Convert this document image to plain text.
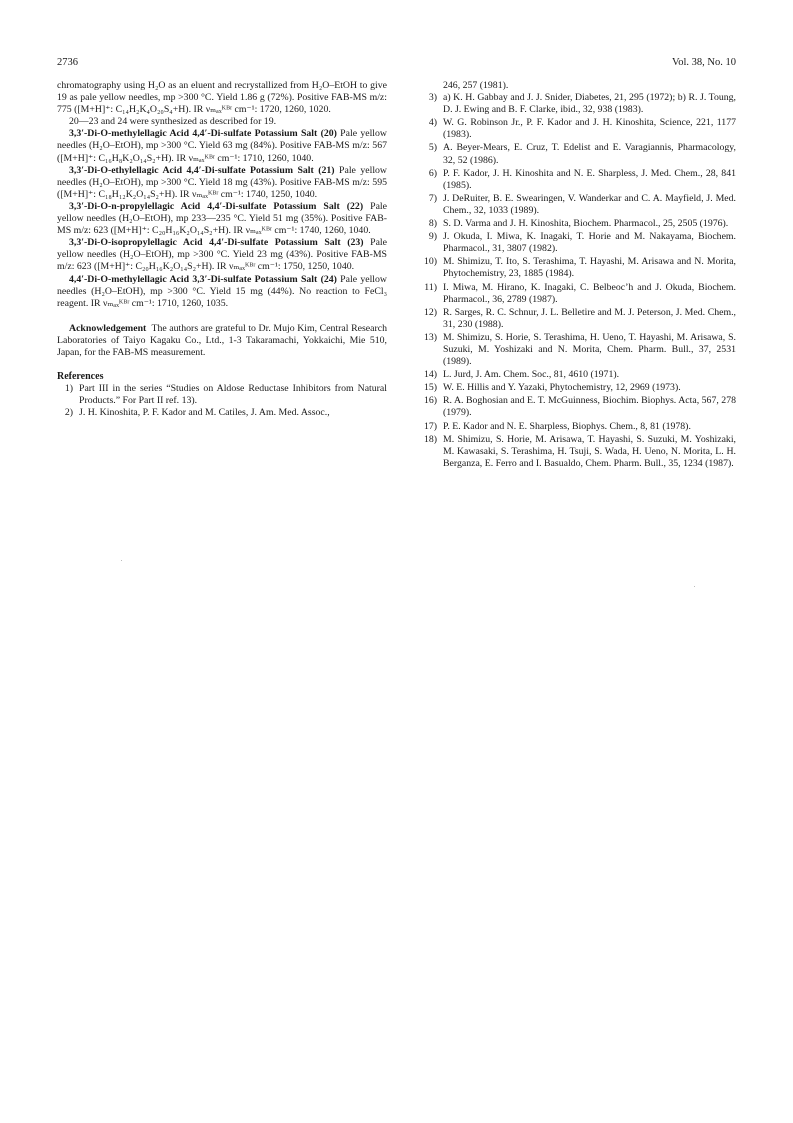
2736	Vol. 38, No. 10

chromatography using H₂O as an eluent and recrystallized from H₂O–EtOH to give 19 as pale yellow needles, mp >300 °C. Yield 1.86 g (72%). Positive FAB-MS m/z: 775 ([M+H]⁺: C₁₄H₂K₄O₂₀S₄+H). IR νₘₐₓᴷᴮʳ cm⁻¹: 1720, 1260, 1020.

20—23 and 24 were synthesized as described for 19.

3,3′-Di-O-methylellagic Acid 4,4′-Di-sulfate Potassium Salt (20) Pale yellow needles (H₂O–EtOH), mp >300 °C. Yield 63 mg (84%). Positive FAB-MS m/z: 567 ([M+H]⁺: C₁₆H₈K₂O₁₄S₂+H). IR νₘₐₓᴷᴮʳ cm⁻¹: 1710, 1260, 1040.

3,3′-Di-O-ethylellagic Acid 4,4′-Di-sulfate Potassium Salt (21) Pale yellow needles (H₂O–EtOH), mp >300 °C. Yield 18 mg (43%). Positive FAB-MS m/z: 595 ([M+H]⁺: C₁₈H₁₂K₂O₁₄S₂+H). IR νₘₐₓᴷᴮʳ cm⁻¹: 1740, 1250, 1040.

3,3′-Di-O-n-propylellagic Acid 4,4′-Di-sulfate Potassium Salt (22) Pale yellow needles (H₂O–EtOH), mp 233—235 °C. Yield 51 mg (35%). Positive FAB-MS m/z: 623 ([M+H]⁺: C₂₀H₁₆K₂O₁₄S₂+H). IR νₘₐₓᴷᴮʳ cm⁻¹: 1740, 1260, 1040.

3,3′-Di-O-isopropylellagic Acid 4,4′-Di-sulfate Potassium Salt (23) Pale yellow needles (H₂O–EtOH), mp >300 °C. Yield 23 mg (43%). Positive FAB-MS m/z: 623 ([M+H]⁺: C₂₀H₁₆K₂O₁₄S₂+H). IR νₘₐₓᴷᴮʳ cm⁻¹: 1750, 1250, 1040.

4,4′-Di-O-methylellagic Acid 3,3′-Di-sulfate Potassium Salt (24) Pale yellow needles (H₂O–EtOH), mp >300 °C. Yield 15 mg (44%). No reaction to FeCl₃ reagent. IR νₘₐₓᴷᴮʳ cm⁻¹: 1710, 1260, 1035.

Acknowledgement The authors are grateful to Dr. Mujo Kim, Central Research Laboratories of Taiyo Kagaku Co., Ltd., 1-3 Takaramachi, Yokkaichi, Mie 510, Japan, for the FAB-MS measurement.

References
1) Part III in the series “Studies on Aldose Reductase Inhibitors from Natural Products.” For Part II ref. 13).
2) J. H. Kinoshita, P. F. Kador and M. Catiles, J. Am. Med. Assoc.,
246, 257 (1981).
3) a) K. H. Gabbay and J. J. Snider, Diabetes, 21, 295 (1972); b) R. J. Toung, D. J. Ewing and B. F. Clarke, ibid., 32, 938 (1983).
4) W. G. Robinson Jr., P. F. Kador and J. H. Kinoshita, Science, 221, 1177 (1983).
5) A. Beyer-Mears, E. Cruz, T. Edelist and E. Varagiannis, Pharmacology, 32, 52 (1986).
6) P. F. Kador, J. H. Kinoshita and N. E. Sharpless, J. Med. Chem., 28, 841 (1985).
7) J. DeRuiter, B. E. Swearingen, V. Wanderkar and C. A. Mayfield, J. Med. Chem., 32, 1033 (1989).
8) S. D. Varma and J. H. Kinoshita, Biochem. Pharmacol., 25, 2505 (1976).
9) J. Okuda, I. Miwa, K. Inagaki, T. Horie and M. Nakayama, Biochem. Pharmacol., 31, 3807 (1982).
10) M. Shimizu, T. Ito, S. Terashima, T. Hayashi, M. Arisawa and N. Morita, Phytochemistry, 23, 1885 (1984).
11) I. Miwa, M. Hirano, K. Inagaki, C. Belbeoc’h and J. Okuda, Biochem. Pharmacol., 36, 2789 (1987).
12) R. Sarges, R. C. Schnur, J. L. Belletire and M. J. Peterson, J. Med. Chem., 31, 230 (1988).
13) M. Shimizu, S. Horie, S. Terashima, H. Ueno, T. Hayashi, M. Arisawa, S. Suzuki, M. Yoshizaki and N. Morita, Chem. Pharm. Bull., 37, 2531 (1989).
14) L. Jurd, J. Am. Chem. Soc., 81, 4610 (1971).
15) W. E. Hillis and Y. Yazaki, Phytochemistry, 12, 2969 (1973).
16) R. A. Boghosian and E. T. McGuinness, Biochim. Biophys. Acta, 567, 278 (1979).
17) P. E. Kador and N. E. Sharpless, Biophys. Chem., 8, 81 (1978).
18) M. Shimizu, S. Horie, M. Arisawa, T. Hayashi, S. Suzuki, M. Yoshizaki, M. Kawasaki, S. Terashima, H. Tsuji, S. Wada, H. Ueno, N. Morita, L. H. Berganza, E. Ferro and I. Basualdo, Chem. Pharm. Bull., 35, 1234 (1987).
